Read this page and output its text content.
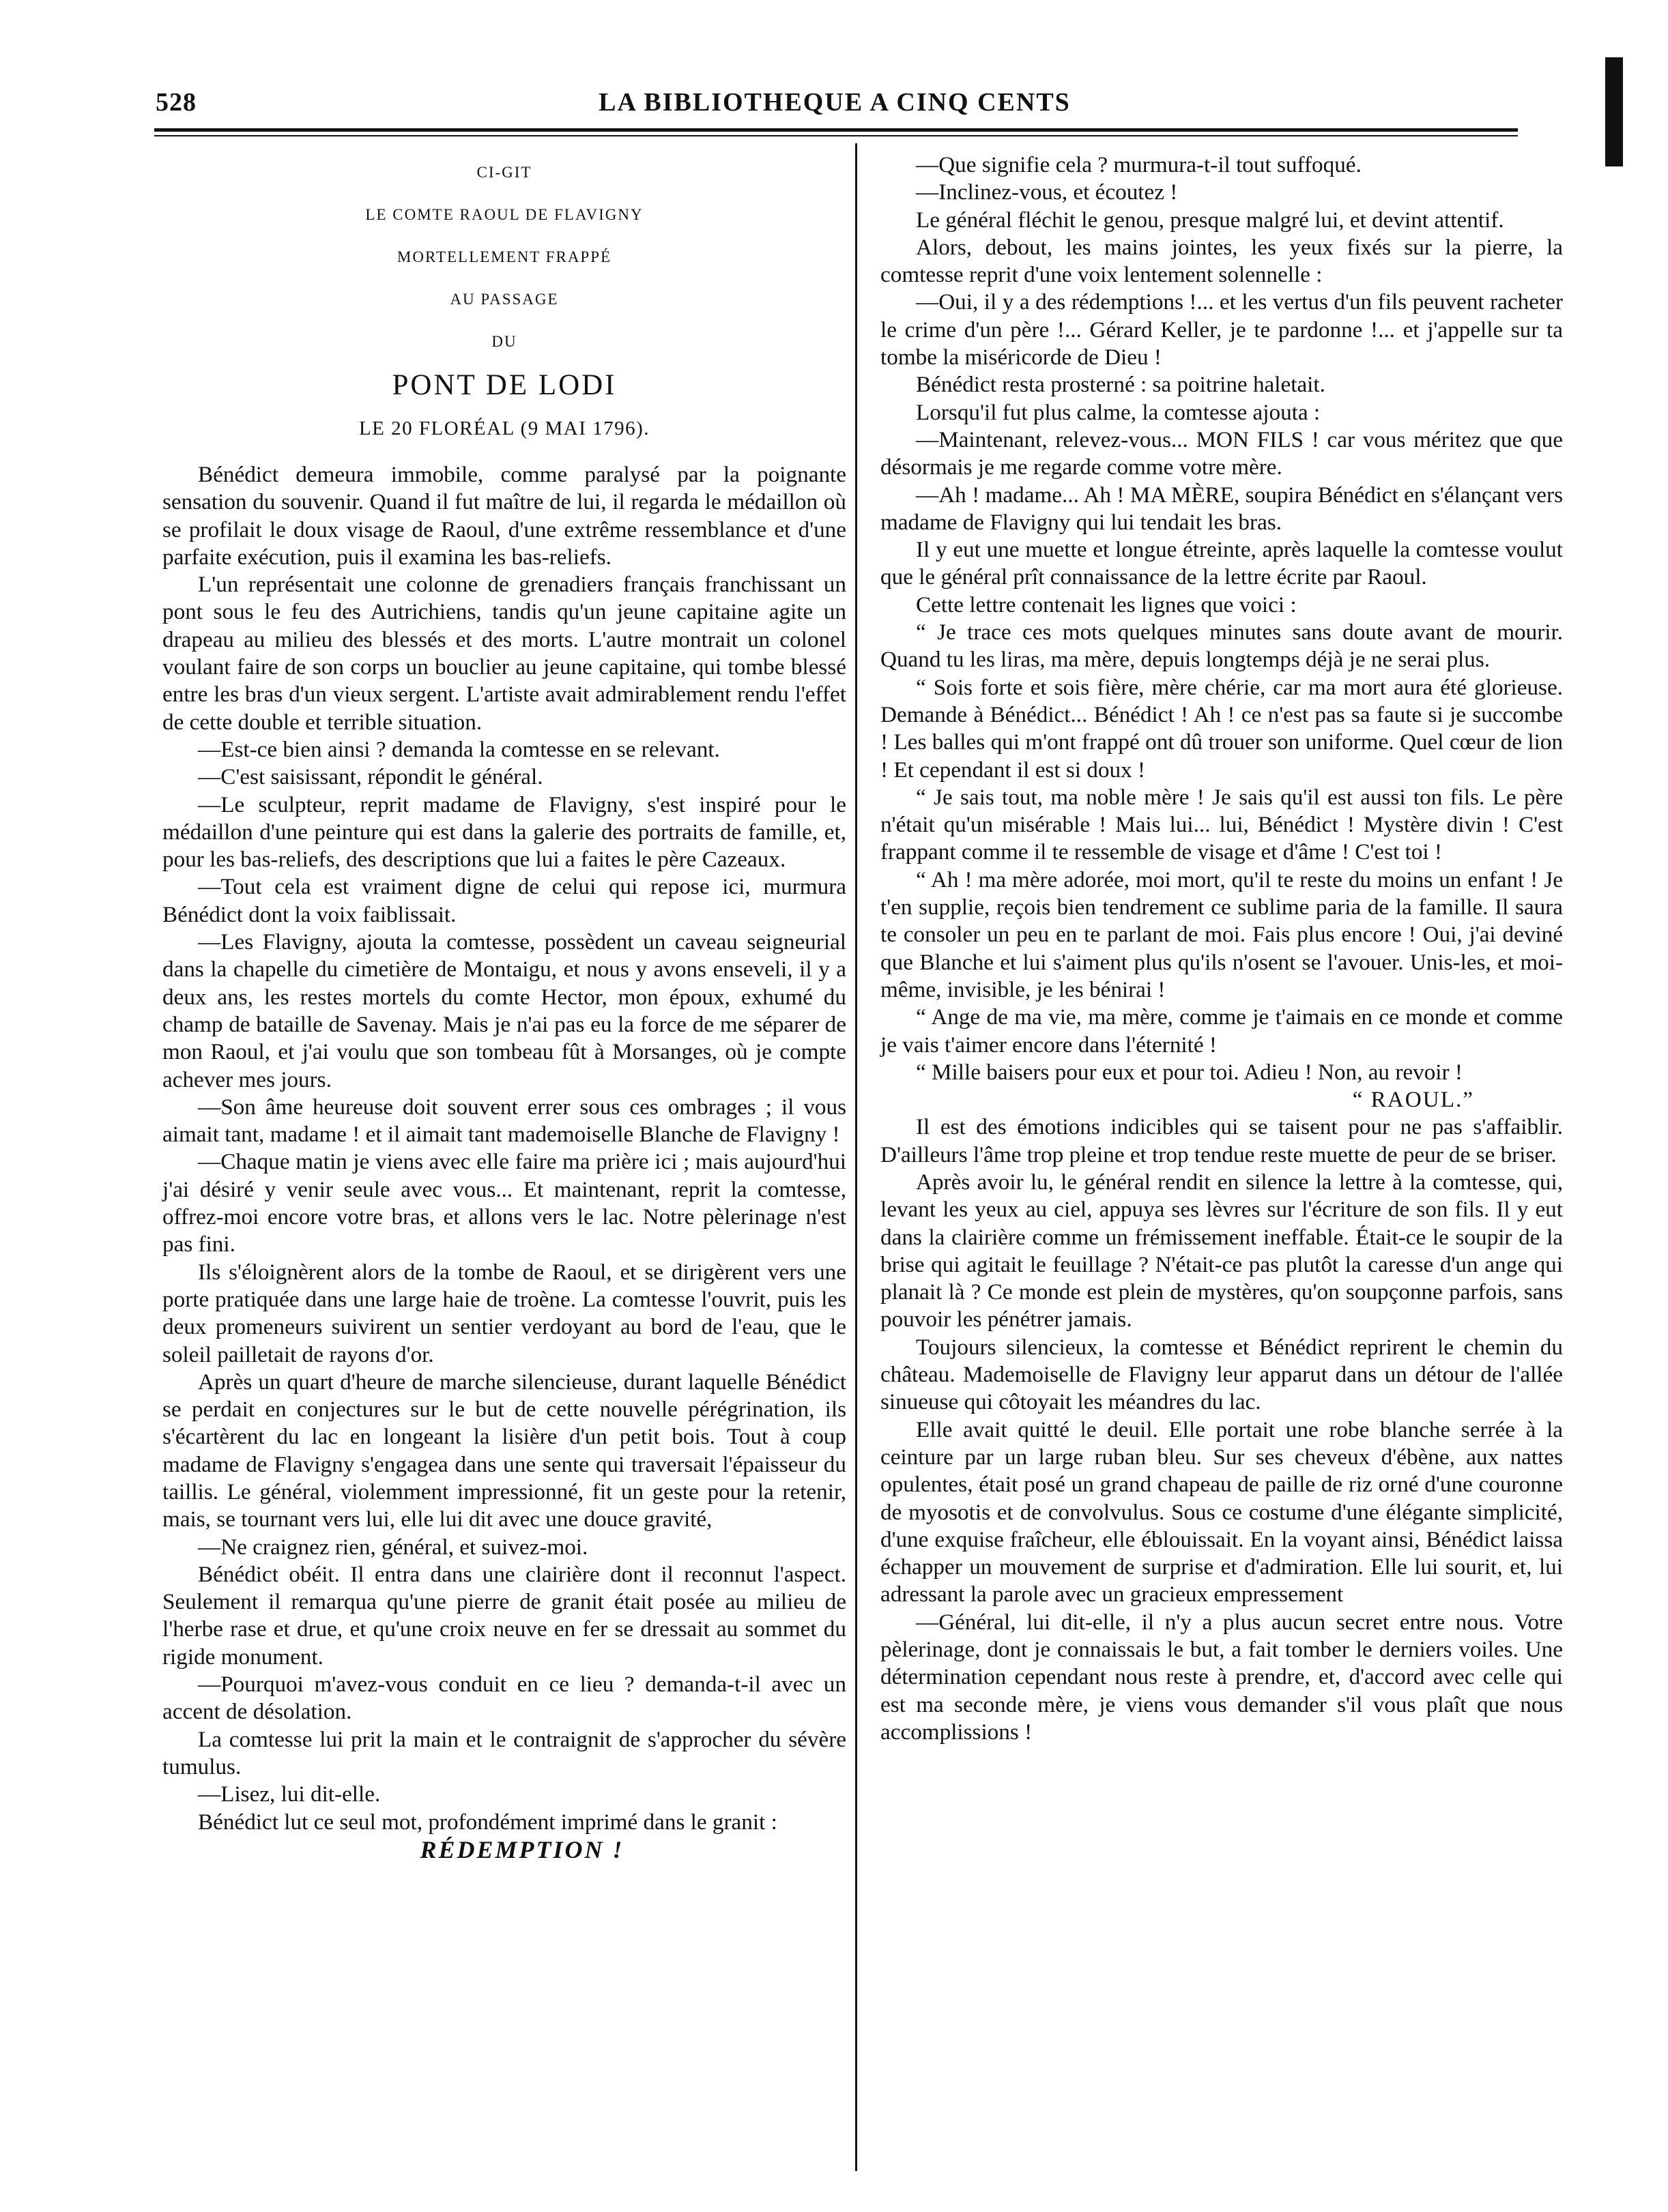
528	LA BIBLIOTHEQUE A CINQ CENTS
CI-GIT
LE COMTE RAOUL DE FLAVIGNY
MORTELLEMENT FRAPPÉ
AU PASSAGE
DU
PONT DE LODI
LE 20 FLORÉAL (9 MAI 1796).

Bénédict demeura immobile, comme paralysé par la poignante sensation du souvenir. Quand il fut maître de lui, il regarda le médaillon où se profilait le doux visage de Raoul, d'une extrême ressemblance et d'une parfaite exécution, puis il examina les bas-reliefs.

L'un représentait une colonne de grenadiers français franchissant un pont sous le feu des Autrichiens, tandis qu'un jeune capitaine agite un drapeau au milieu des blessés et des morts. L'autre montrait un colonel voulant faire de son corps un bouclier au jeune capitaine, qui tombe blessé entre les bras d'un vieux sergent. L'artiste avait admirablement rendu l'effet de cette double et terrible situation.

—Est-ce bien ainsi ? demanda la comtesse en se relevant.

—C'est saisissant, répondit le général.

—Le sculpteur, reprit madame de Flavigny, s'est inspiré pour le médaillon d'une peinture qui est dans la galerie des portraits de famille, et, pour les bas-reliefs, des descriptions que lui a faites le père Cazeaux.

—Tout cela est vraiment digne de celui qui repose ici, murmura Bénédict dont la voix faiblissait.

—Les Flavigny, ajouta la comtesse, possèdent un caveau seigneurial dans la chapelle du cimetière de Montaigu, et nous y avons enseveli, il y a deux ans, les restes mortels du comte Hector, mon époux, exhumé du champ de bataille de Savenay. Mais je n'ai pas eu la force de me séparer de mon Raoul, et j'ai voulu que son tombeau fût à Morsanges, où je compte achever mes jours.

—Son âme heureuse doit souvent errer sous ces ombrages ; il vous aimait tant, madame ! et il aimait tant mademoiselle Blanche de Flavigny !

—Chaque matin je viens avec elle faire ma prière ici ; mais aujourd'hui j'ai désiré y venir seule avec vous... Et maintenant, reprit la comtesse, offrez-moi encore votre bras, et allons vers le lac. Notre pèlerinage n'est pas fini.

Ils s'éloignèrent alors de la tombe de Raoul, et se dirigèrent vers une porte pratiquée dans une large haie de troène. La comtesse l'ouvrit, puis les deux promeneurs suivirent un sentier verdoyant au bord de l'eau, que le soleil pailletait de rayons d'or.

Après un quart d'heure de marche silencieuse, durant laquelle Bénédict se perdait en conjectures sur le but de cette nouvelle pérégrination, ils s'écartèrent du lac en longeant la lisière d'un petit bois. Tout à coup madame de Flavigny s'engagea dans une sente qui traversait l'épaisseur du taillis. Le général, violemment impressionné, fit un geste pour la retenir, mais, se tournant vers lui, elle lui dit avec une douce gravité,

—Ne craignez rien, général, et suivez-moi.

Bénédict obéit. Il entra dans une clairière dont il reconnut l'aspect. Seulement il remarqua qu'une pierre de granit était posée au milieu de l'herbe rase et drue, et qu'une croix neuve en fer se dressait au sommet du rigide monument.

—Pourquoi m'avez-vous conduit en ce lieu ? demanda-t-il avec un accent de désolation.

La comtesse lui prit la main et le contraignit de s'approcher du sévère tumulus.

—Lisez, lui dit-elle.

Bénédict lut ce seul mot, profondément imprimé dans le granit :

RÉDEMPTION !

—Que signifie cela ? murmura-t-il tout suffoqué.

—Inclinez-vous, et écoutez !

Le général fléchit le genou, presque malgré lui, et devint attentif.

Alors, debout, les mains jointes, les yeux fixés sur la pierre, la comtesse reprit d'une voix lentement solennelle :

—Oui, il y a des rédemptions !... et les vertus d'un fils peuvent racheter le crime d'un père !... Gérard Keller, je te pardonne !... et j'appelle sur ta tombe la miséricorde de Dieu !

Bénédict resta prosterné : sa poitrine haletait.

Lorsqu'il fut plus calme, la comtesse ajouta :

—Maintenant, relevez-vous... MON FILS ! car vous méritez que que désormais je me regarde comme votre mère.

—Ah ! madame... Ah ! MA MÈRE, soupira Bénédict en s'élançant vers madame de Flavigny qui lui tendait les bras.

Il y eut une muette et longue étreinte, après laquelle la comtesse voulut que le général prît connaissance de la lettre écrite par Raoul.

Cette lettre contenait les lignes que voici :

“ Je trace ces mots quelques minutes sans doute avant de mourir. Quand tu les liras, ma mère, depuis longtemps déjà je ne serai plus.

“ Sois forte et sois fière, mère chérie, car ma mort aura été glorieuse. Demande à Bénédict... Bénédict ! Ah ! ce n'est pas sa faute si je succombe ! Les balles qui m'ont frappé ont dû trouer son uniforme. Quel cœur de lion ! Et cependant il est si doux !

“ Je sais tout, ma noble mère ! Je sais qu'il est aussi ton fils. Le père n'était qu'un misérable ! Mais lui... lui, Bénédict ! Mystère divin ! C'est frappant comme il te ressemble de visage et d'âme ! C'est toi !

“ Ah ! ma mère adorée, moi mort, qu'il te reste du moins un enfant ! Je t'en supplie, reçois bien tendrement ce sublime paria de la famille. Il saura te consoler un peu en te parlant de moi. Fais plus encore ! Oui, j'ai deviné que Blanche et lui s'aiment plus qu'ils n'osent se l'avouer. Unis-les, et moi-même, invisible, je les bénirai !

“ Ange de ma vie, ma mère, comme je t'aimais en ce monde et comme je vais t'aimer encore dans l'éternité !

“ Mille baisers pour eux et pour toi. Adieu ! Non, au revoir !

“ RAOUL.”

Il est des émotions indicibles qui se taisent pour ne pas s'affaiblir. D'ailleurs l'âme trop pleine et trop tendue reste muette de peur de se briser.

Après avoir lu, le général rendit en silence la lettre à la comtesse, qui, levant les yeux au ciel, appuya ses lèvres sur l'écriture de son fils. Il y eut dans la clairière comme un frémissement ineffable. Était-ce le soupir de la brise qui agitait le feuillage ? N'était-ce pas plutôt la caresse d'un ange qui planait là ? Ce monde est plein de mystères, qu'on soupçonne parfois, sans pouvoir les pénétrer jamais.

Toujours silencieux, la comtesse et Bénédict reprirent le chemin du château. Mademoiselle de Flavigny leur apparut dans un détour de l'allée sinueuse qui côtoyait les méandres du lac.

Elle avait quitté le deuil. Elle portait une robe blanche serrée à la ceinture par un large ruban bleu. Sur ses cheveux d'ébène, aux nattes opulentes, était posé un grand chapeau de paille de riz orné d'une couronne de myosotis et de convolvulus. Sous ce costume d'une élégante simplicité, d'une exquise fraîcheur, elle éblouissait. En la voyant ainsi, Bénédict laissa échapper un mouvement de surprise et d'admiration. Elle lui sourit, et, lui adressant la parole avec un gracieux empressement

—Général, lui dit-elle, il n'y a plus aucun secret entre nous. Votre pèlerinage, dont je connaissais le but, a fait tomber le derniers voiles. Une détermination cependant nous reste à prendre, et, d'accord avec celle qui est ma seconde mère, je viens vous demander s'il vous plaît que nous accomplissions !
